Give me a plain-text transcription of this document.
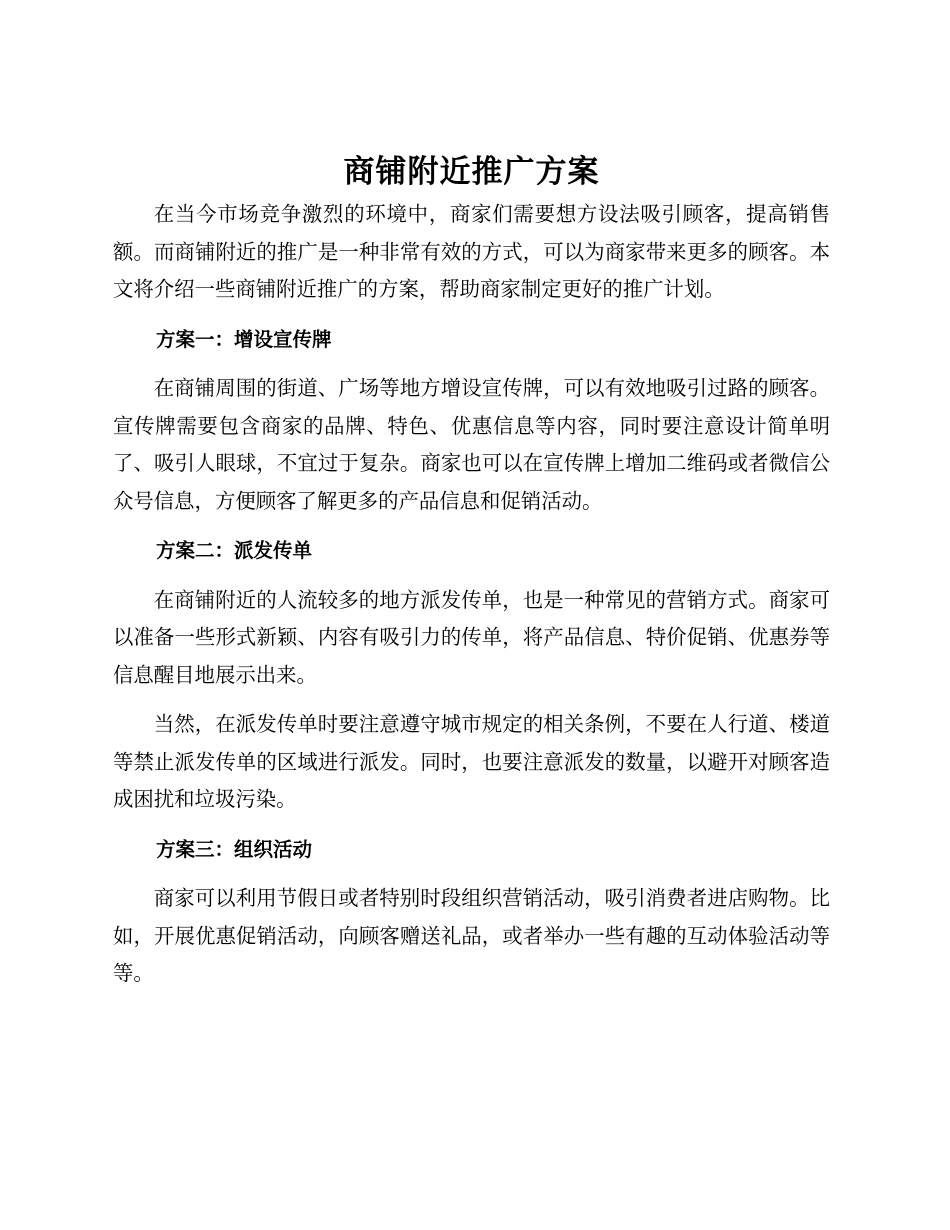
商铺附近推广方案

在当今市场竞争激烈的环境中，商家们需要想方设法吸引顾客，提高销售额。而商铺附近的推广是一种非常有效的方式，可以为商家带来更多的顾客。本文将介绍一些商铺附近推广的方案，帮助商家制定更好的推广计划。

方案一：增设宣传牌

在商铺周围的街道、广场等地方增设宣传牌，可以有效地吸引过路的顾客。宣传牌需要包含商家的品牌、特色、优惠信息等内容，同时要注意设计简单明了、吸引人眼球，不宜过于复杂。商家也可以在宣传牌上增加二维码或者微信公众号信息，方便顾客了解更多的产品信息和促销活动。

方案二：派发传单

在商铺附近的人流较多的地方派发传单，也是一种常见的营销方式。商家可以准备一些形式新颖、内容有吸引力的传单，将产品信息、特价促销、优惠券等信息醒目地展示出来。

当然，在派发传单时要注意遵守城市规定的相关条例，不要在人行道、楼道等禁止派发传单的区域进行派发。同时，也要注意派发的数量，以避开对顾客造成困扰和垃圾污染。

方案三：组织活动

商家可以利用节假日或者特别时段组织营销活动，吸引消费者进店购物。比如，开展优惠促销活动，向顾客赠送礼品，或者举办一些有趣的互动体验活动等等。
